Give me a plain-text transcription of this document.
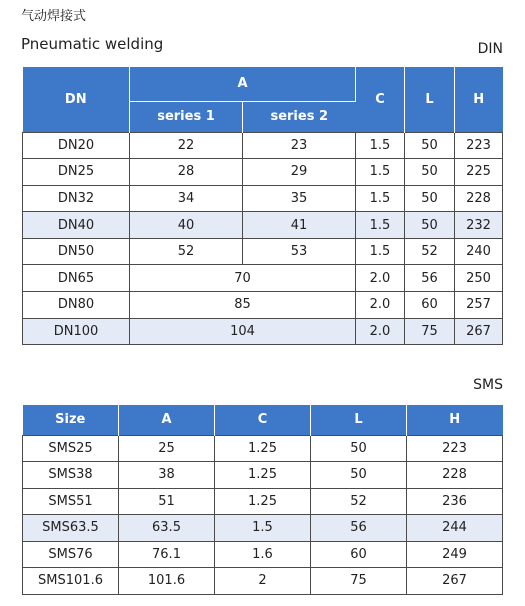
气动焊接式
Pneumatic welding	DIN
DN	A		C	L	H
	series 1	series 2			
DN20	22	23	1.5	50	223
DN25	28	29	1.5	50	225
DN32	34	35	1.5	50	228
DN40	40	41	1.5	50	232
DN50	52	53	1.5	52	240
DN65	70		2.0	56	250
DN80	85		2.0	60	257
DN100	104		2.0	75	267
SMS
Size	A	C	L	H
SMS25	25	1.25	50	223
SMS38	38	1.25	50	228
SMS51	51	1.25	52	236
SMS63.5	63.5	1.5	56	244
SMS76	76.1	1.6	60	249
SMS101.6	101.6	2	75	267
